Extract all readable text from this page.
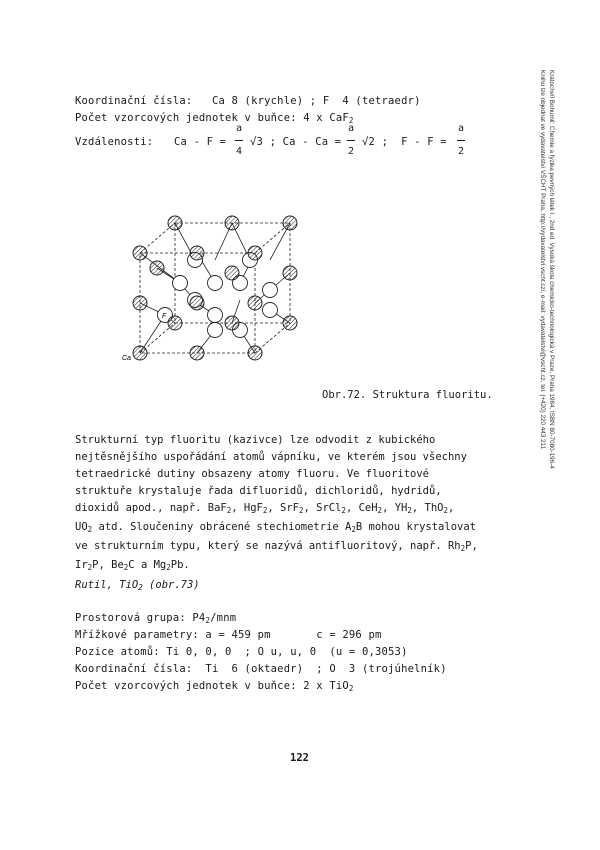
Krátochvíl Bohumil: Chemie a fyzika pevných látek I., 2nd ed. Vysoká škola chemicko-technologická v Praze, Praha 1984, ISBN 80-7080-196-4
Knihu lze objednat ve vydavatelství VŠCHT Praha, http://vydavatelstvi.vscht.cz/, e-mail: vydavatelstvi@vscht.cz, tel. (+420) 220 443 211
Koordinační čísla:   Ca 8 (krychle) ; F  4 (tetraedr)
Počet vzorcových jednotek v buňce: 4 x CaF$_2$
Vzdálenosti: Ca - F =
a
4
√3 ; Ca - Ca =
a
2
√2 ;  F - F =
a
2
F
Ca
Obr.72. Struktura fluoritu.

Strukturní typ fluoritu (kazivce) lze odvodit z kubického

nejtěsnějšího uspořádání atomů vápníku, ve kterém jsou všechny

tetraedrické dutiny obsazeny atomy fluoru. Ve fluoritové

struktuře krystaluje řada difluoridů, dichloridů, hydridů,

dioxidů apod., např. BaF$_2$, HgF$_2$, SrF$_2$, SrCl$_2$, CeH$_2$, $YH_2$, ThO$_2$,

$UO_2$ atd. Sloučeniny obrácené stechiometrie $A_2B$ mohou krystalovat

ve strukturním typu, který se nazývá antifluoritový, např. $Rh_2P$,

$Ir_2P$, $Be_2C$ a $Mg_2Pb$.

Rutil, TiO$_2$ (obr.73)
Prostorová grupa: $P4_2$/mnm
Mřížkové parametry: a = 459 pm       c = 296 pm
Pozice atomů: Ti 0, 0, 0  ; O u, u, 0  (u = 0,3053)
Koordinační čísla:  Ti  6 (oktaedr)  ; O  3 (trojúhelník)
Počet vzorcových jednotek v buňce: 2 x TiO$_2$
122
